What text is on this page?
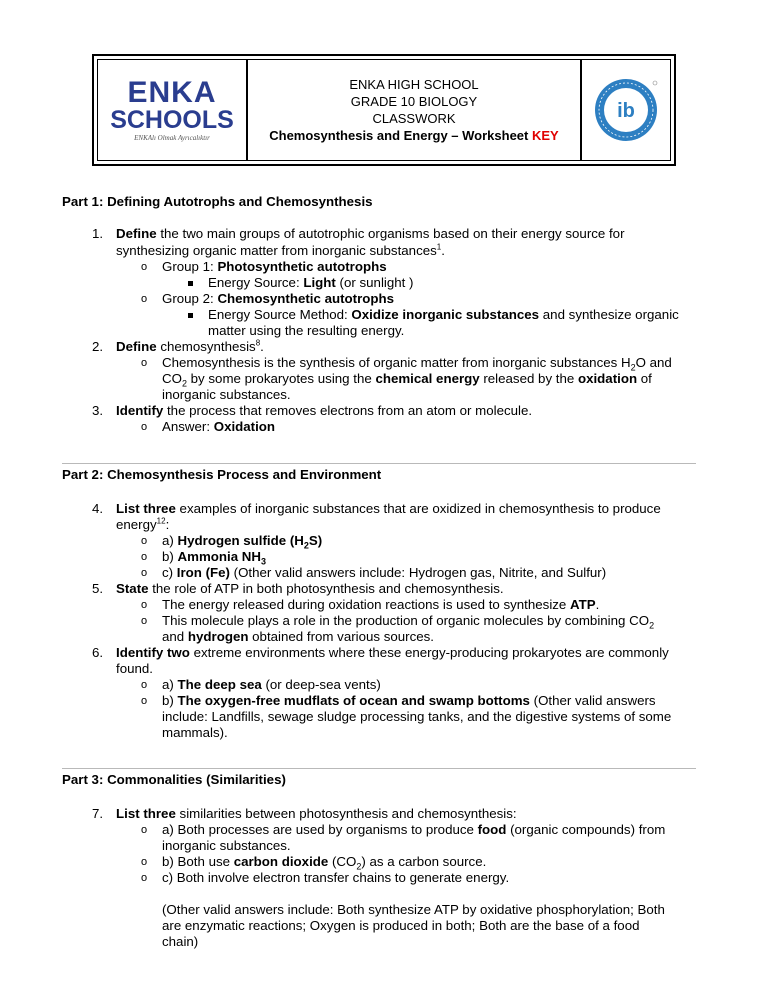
ENKA
SCHOOLS
ENKAlı Olmak Ayrıcalıktır
ENKA HIGH SCHOOL
GRADE 10 BIOLOGY
CLASSWORK
Chemosynthesis and Energy – Worksheet KEY
ib
Part 1: Defining Autotrophs and Chemosynthesis
1. Define the two main groups of autotrophic organisms based on their energy source for
synthesizing organic matter from inorganic substances$^1$.
o Group 1: Photosynthetic autotrophs
Energy Source: Light (or sunlight )
o Group 2: Chemosynthetic autotrophs
Energy Source Method: Oxidize inorganic substances and synthesize organic
matter using the resulting energy.
2. Define chemosynthesis$^8$.
o Chemosynthesis is the synthesis of organic matter from inorganic substances $H_2O$ and
$CO_2$ by some prokaryotes using the chemical energy released by the oxidation of
inorganic substances.
3. Identify the process that removes electrons from an atom or molecule.
o Answer: Oxidation
Part 2: Chemosynthesis Process and Environment
4. List three examples of inorganic substances that are oxidized in chemosynthesis to produce
energy$^{12}$:
o a) Hydrogen sulfide $(H_2S)$
o b) Ammonia $NH_3$
o c) Iron (Fe) (Other valid answers include: Hydrogen gas, Nitrite, and Sulfur)
5. State the role of ATP in both photosynthesis and chemosynthesis.
o The energy released during oxidation reactions is used to synthesize ATP.
o This molecule plays a role in the production of organic molecules by combining $CO_2$
and hydrogen obtained from various sources.
6. Identify two extreme environments where these energy-producing prokaryotes are commonly
found.
o a) The deep sea (or deep-sea vents)
o b) The oxygen-free mudflats of ocean and swamp bottoms (Other valid answers
include: Landfills, sewage sludge processing tanks, and the digestive systems of some
mammals).
Part 3: Commonalities (Similarities)
7. List three similarities between photosynthesis and chemosynthesis:
o a) Both processes are used by organisms to produce food (organic compounds) from
inorganic substances.
o b) Both use carbon dioxide $(CO_2)$ as a carbon source.
o c) Both involve electron transfer chains to generate energy.
(Other valid answers include: Both synthesize ATP by oxidative phosphorylation; Both
are enzymatic reactions; Oxygen is produced in both; Both are the base of a food
chain)
